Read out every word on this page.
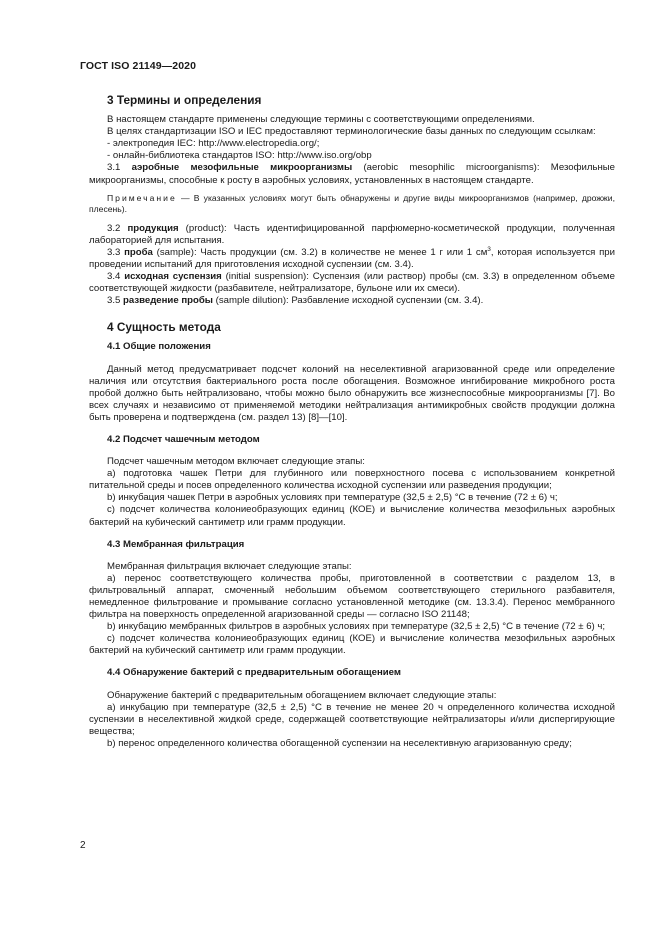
ГОСТ ISO 21149—2020

3 Термины и определения

В настоящем стандарте применены следующие термины с соответствующими определениями.

В целях стандартизации ISO и IEC предоставляют терминологические базы данных по следующим ссылкам:

- электропедия IEC: http://www.electropedia.org/;

- онлайн-библиотека стандартов ISO: http://www.iso.org/obp

3.1 аэробные мезофильные микроорганизмы (aerobic mesophilic microorganisms): Мезофильные микроорганизмы, способные к росту в аэробных условиях, установленных в настоящем стандарте.

Примечание — В указанных условиях могут быть обнаружены и другие виды микроорганизмов (например, дрожжи, плесень).

3.2 продукция (product): Часть идентифицированной парфюмерно-косметической продукции, полученная лабораторией для испытания.

3.3 проба (sample): Часть продукции (см. 3.2) в количестве не менее 1 г или 1 $см^3$, которая используется при проведении испытаний для приготовления исходной суспензии (см. 3.4).

3.4 исходная суспензия (initial suspension): Суспензия (или раствор) пробы (см. 3.3) в определенном объеме соответствующей жидкости (разбавителе, нейтрализаторе, бульоне или их смеси).

3.5 разведение пробы (sample dilution): Разбавление исходной суспензии (см. 3.4).

4 Сущность метода

4.1 Общие положения

Данный метод предусматривает подсчет колоний на неселективной агаризованной среде или определение наличия или отсутствия бактериального роста после обогащения. Возможное ингибирование микробного роста пробой должно быть нейтрализовано, чтобы можно было обнаружить все жизнеспособные микроорганизмы [7]. Во всех случаях и независимо от применяемой методики нейтрализация антимикробных свойств продукции должна быть проверена и подтверждена (см. раздел 13) [8]—[10].

4.2 Подсчет чашечным методом

Подсчет чашечным методом включает следующие этапы:

a) подготовка чашек Петри для глубинного или поверхностного посева с использованием конкретной питательной среды и посев определенного количества исходной суспензии или разведения продукции;

b) инкубация чашек Петри в аэробных условиях при температуре (32,5 ± 2,5) °С в течение (72 ± 6) ч;

c) подсчет количества колониеобразующих единиц (КОЕ) и вычисление количества мезофильных аэробных бактерий на кубический сантиметр или грамм продукции.

4.3 Мембранная фильтрация

Мембранная фильтрация включает следующие этапы:

a) перенос соответствующего количества пробы, приготовленной в соответствии с разделом 13, в фильтровальный аппарат, смоченный небольшим объемом соответствующего стерильного разбавителя, немедленное фильтрование и промывание согласно установленной методике (см. 13.3.4). Перенос мембранного фильтра на поверхность определенной агаризованной среды — согласно ISO 21148;

b) инкубацию мембранных фильтров в аэробных условиях при температуре (32,5 ± 2,5) °С в течение (72 ± 6) ч;

c) подсчет количества колониеобразующих единиц (КОЕ) и вычисление количества мезофильных аэробных бактерий на кубический сантиметр или грамм продукции.

4.4 Обнаружение бактерий с предварительным обогащением

Обнаружение бактерий с предварительным обогащением включает следующие этапы:

a) инкубацию при температуре (32,5 ± 2,5) °С в течение не менее 20 ч определенного количества исходной суспензии в неселективной жидкой среде, содержащей соответствующие нейтрализаторы и/или диспергирующие вещества;

b) перенос определенного количества обогащенной суспензии на неселективную агаризованную среду;

2
